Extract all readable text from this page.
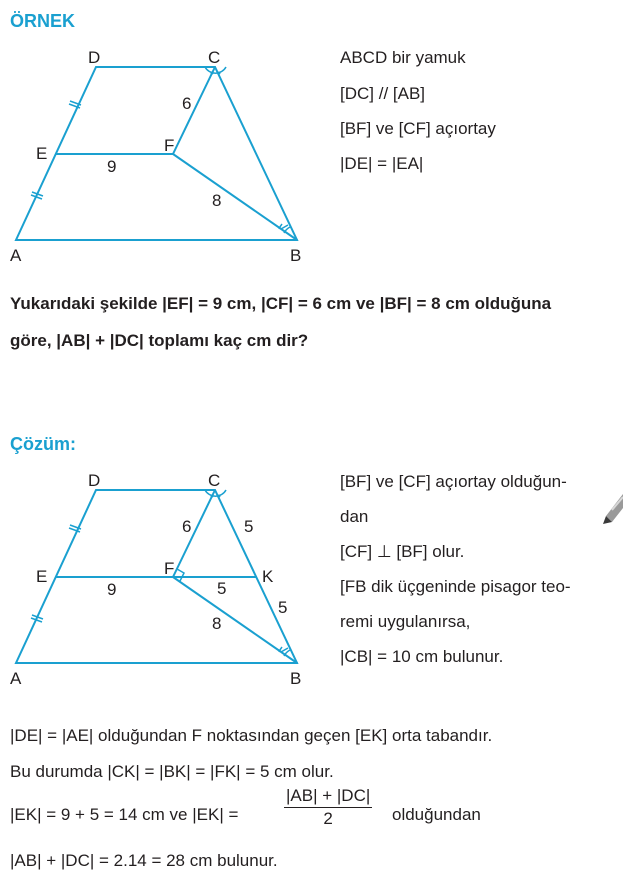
ÖRNEK
D	C
E	F
A	B
9
6
8
ABCD bir yamuk
[DC] // [AB]
[BF] ve [CF] açıortay
|DE| = |EA|
Yukarıdaki şekilde |EF| = 9 cm, |CF| = 6 cm ve |BF| = 8 cm olduğuna
göre, |AB| + |DC| toplamı kaç cm dir?
Çözüm:
D	C
E	F	K
A	B
9
6	5
5
5
8
[BF] ve [CF] açıortay olduğun-
dan
[CF] ⊥ [BF] olur.
[FB dik üçgeninde pisagor teo-
remi uygulanırsa,
|CB| = 10 cm bulunur.
|DE| = |AE| olduğundan F noktasından geçen [EK] orta tabandır.
Bu durumda |CK| = |BK| = |FK| = 5 cm olur.
|EK| = 9 + 5 = 14 cm ve |EK| =	$\frac{|AB| + |DC|}{2}$ olduğundan
|AB| + |DC| = 2.14 = 28 cm bulunur.
